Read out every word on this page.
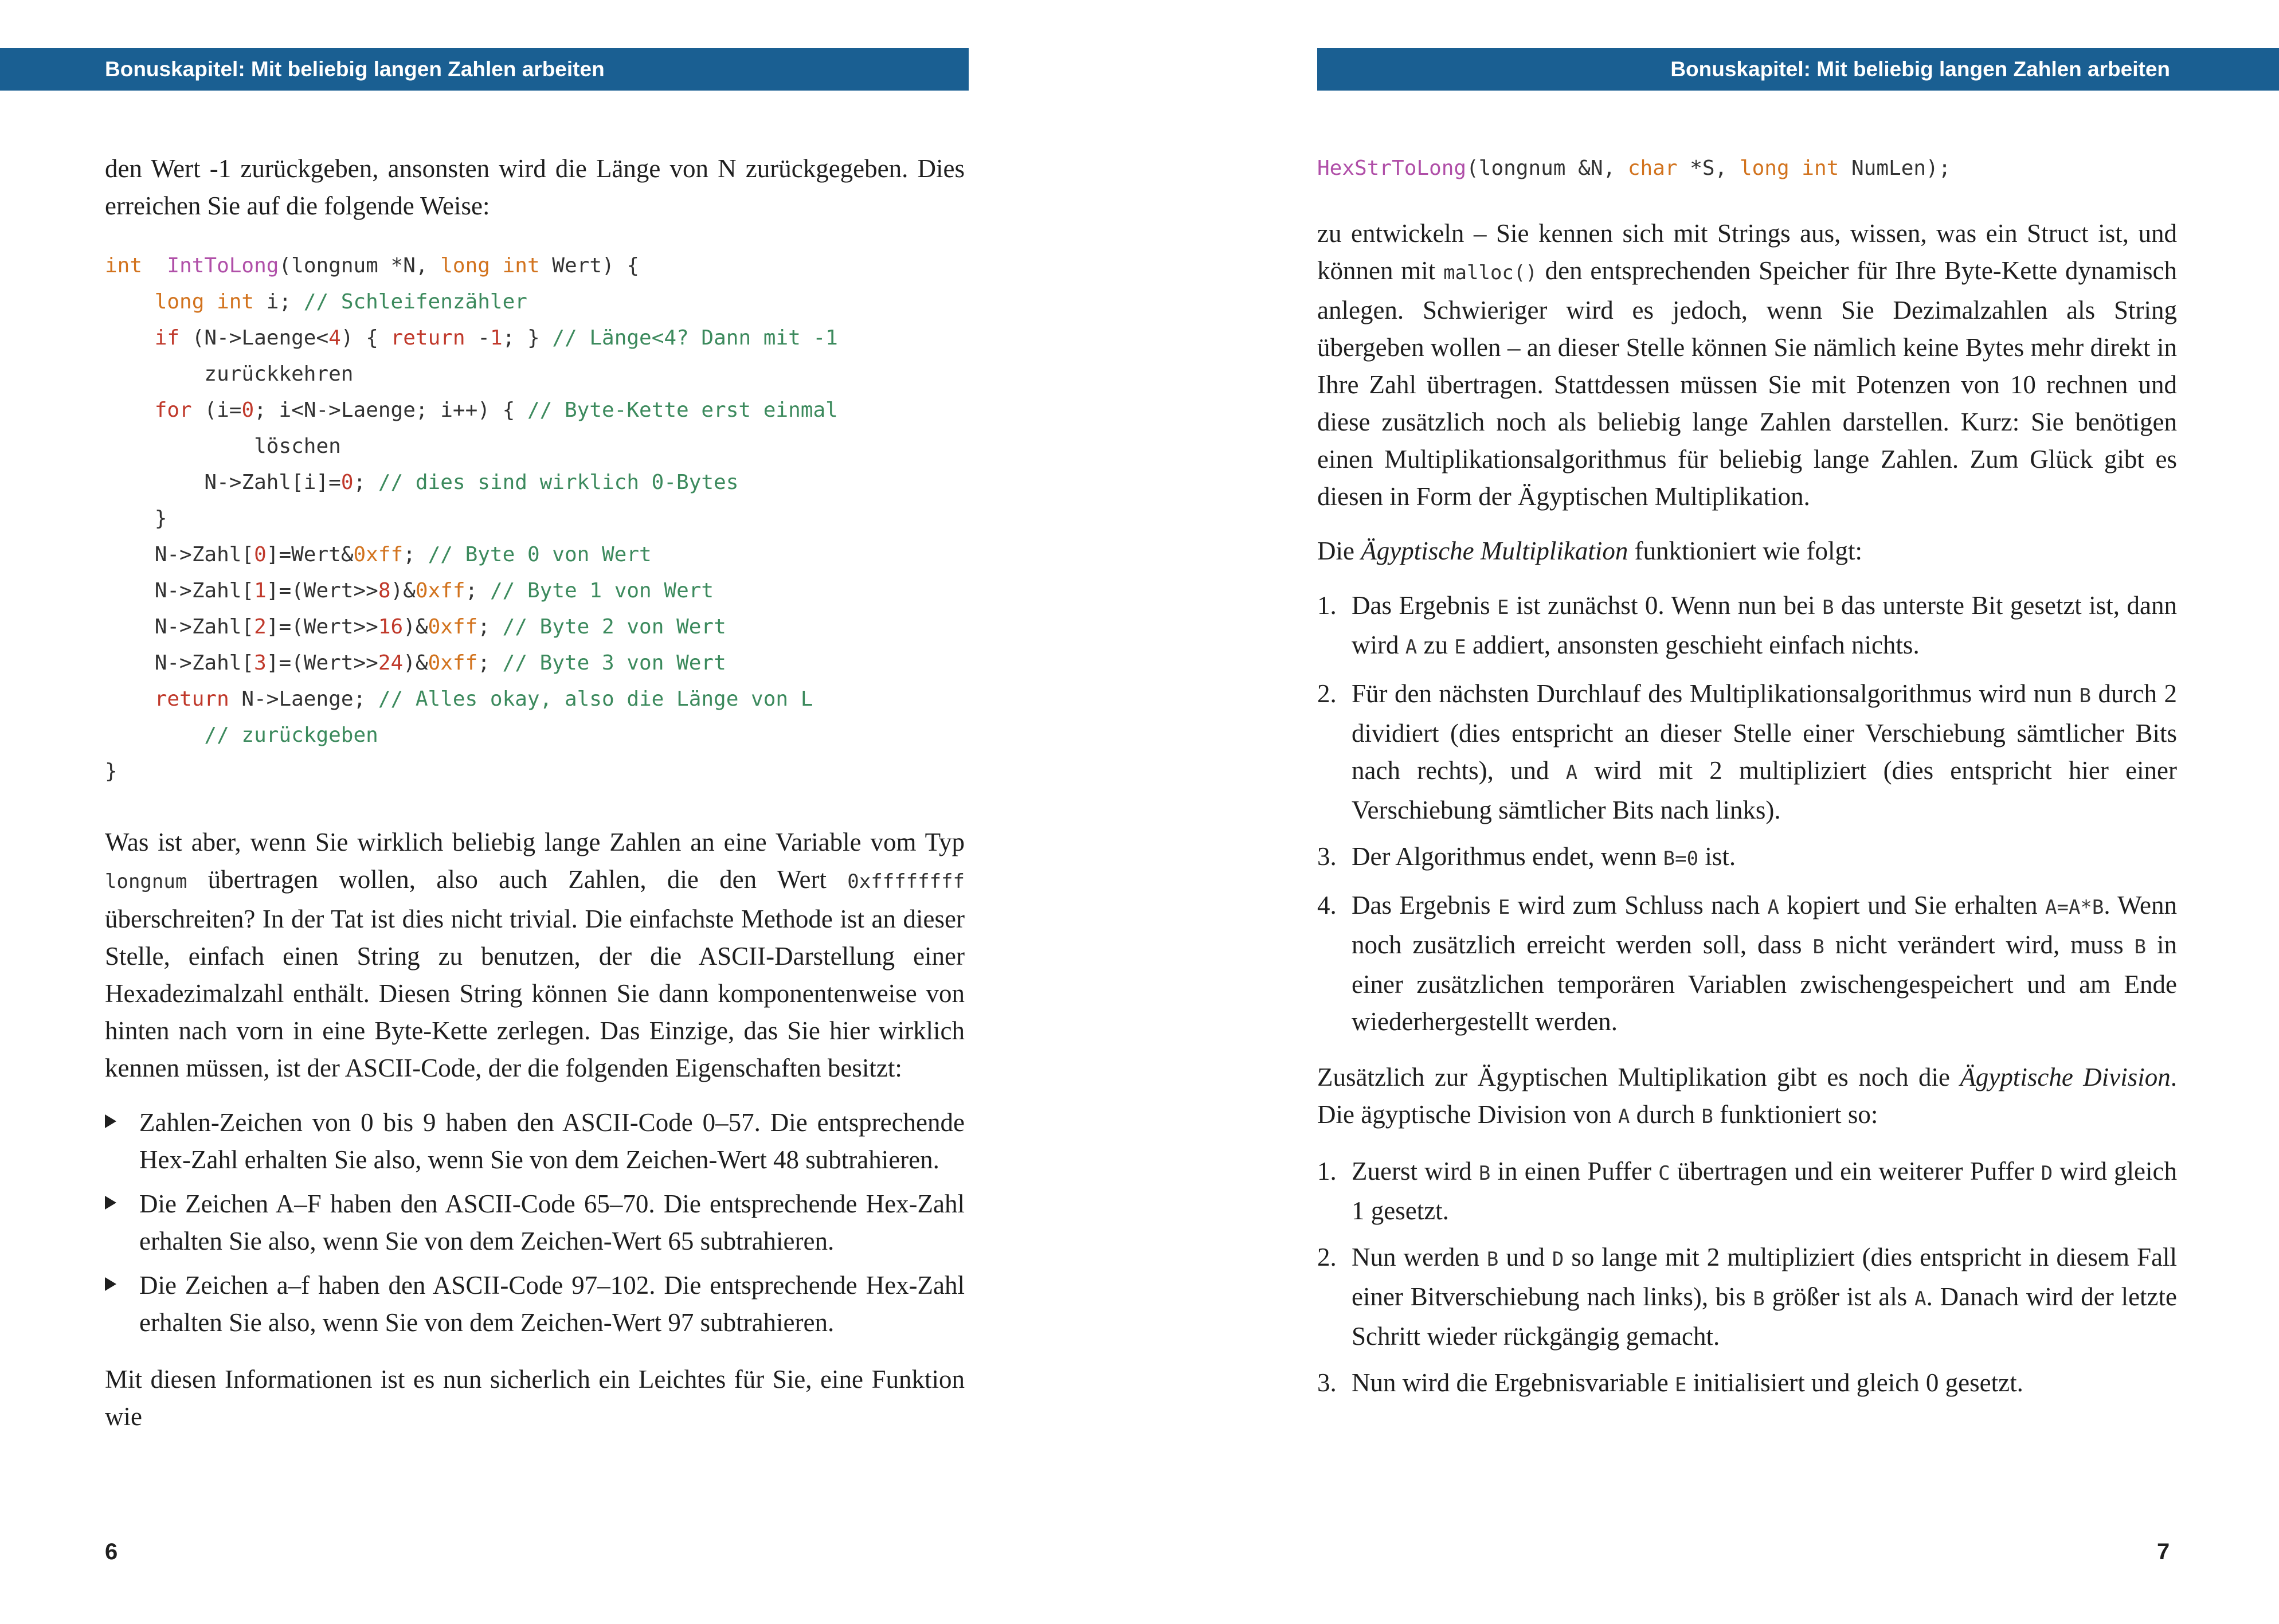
Bonuskapitel: Mit beliebig langen Zahlen arbeiten

den Wert -1 zurückgeben, ansonsten wird die Länge von N zurückgegeben. Dies erreichen Sie auf die folgende Weise:

int IntToLong(longnum *N, long int Wert) {
long int i; // Schleifenzähler
if (N->Laenge<4) { return -1; } // Länge<4? Dann mit -1
zurückkehren
for (i=0; i<N->Laenge; i++) { // Byte-Kette erst einmal
löschen
N->Zahl[i]=0; // dies sind wirklich 0-Bytes
}
N->Zahl[0]=Wert&0xff; // Byte 0 von Wert
N->Zahl[1]=(Wert>>8)&0xff; // Byte 1 von Wert
N->Zahl[2]=(Wert>>16)&0xff; // Byte 2 von Wert
N->Zahl[3]=(Wert>>24)&0xff; // Byte 3 von Wert
return N->Laenge; // Alles okay, also die Länge von L
// zurückgeben
}

Was ist aber, wenn Sie wirklich beliebig lange Zahlen an eine Variable vom Typ longnum übertragen wollen, also auch Zahlen, die den Wert 0xffffffff überschreiten? In der Tat ist dies nicht trivial. Die einfachste Methode ist an dieser Stelle, einfach einen String zu benutzen, der die ASCII-Darstellung einer Hexadezimalzahl enthält. Diesen String können Sie dann komponentenweise von hinten nach vorn in eine Byte-Kette zerlegen. Das Einzige, das Sie hier wirklich kennen müssen, ist der ASCII-Code, der die folgenden Eigenschaften besitzt:

Zahlen-Zeichen von 0 bis 9 haben den ASCII-Code 0–57. Die entsprechende Hex-Zahl erhalten Sie also, wenn Sie von dem Zeichen-Wert 48 subtrahieren.
Die Zeichen A–F haben den ASCII-Code 65–70. Die entsprechende Hex-Zahl erhalten Sie also, wenn Sie von dem Zeichen-Wert 65 subtrahieren.
Die Zeichen a–f haben den ASCII-Code 97–102. Die entsprechende Hex-Zahl erhalten Sie also, wenn Sie von dem Zeichen-Wert 97 subtrahieren.

Mit diesen Informationen ist es nun sicherlich ein Leichtes für Sie, eine Funktion wie

6
Bonuskapitel: Mit beliebig langen Zahlen arbeiten
HexStrToLong(longnum &N, char *S, long int NumLen);

zu entwickeln – Sie kennen sich mit Strings aus, wissen, was ein Struct ist, und können mit malloc() den entsprechenden Speicher für Ihre Byte-Kette dynamisch anlegen. Schwieriger wird es jedoch, wenn Sie Dezimalzahlen als String übergeben wollen – an dieser Stelle können Sie nämlich keine Bytes mehr direkt in Ihre Zahl übertragen. Stattdessen müssen Sie mit Potenzen von 10 rechnen und diese zusätzlich noch als beliebig lange Zahlen darstellen. Kurz: Sie benötigen einen Multiplikationsalgorithmus für beliebig lange Zahlen. Zum Glück gibt es diesen in Form der Ägyptischen Multiplikation.

Die Ägyptische Multiplikation funktioniert wie folgt:

1. Das Ergebnis E ist zunächst 0. Wenn nun bei B das unterste Bit gesetzt ist, dann wird A zu E addiert, ansonsten geschieht einfach nichts.
2. Für den nächsten Durchlauf des Multiplikationsalgorithmus wird nun B durch 2 dividiert (dies entspricht an dieser Stelle einer Verschiebung sämtlicher Bits nach rechts), und A wird mit 2 multipliziert (dies entspricht hier einer Verschiebung sämtlicher Bits nach links).
3. Der Algorithmus endet, wenn B=0 ist.
4. Das Ergebnis E wird zum Schluss nach A kopiert und Sie erhalten A=A*B. Wenn noch zusätzlich erreicht werden soll, dass B nicht verändert wird, muss B in einer zusätzlichen temporären Variablen zwischengespeichert und am Ende wiederhergestellt werden.

Zusätzlich zur Ägyptischen Multiplikation gibt es noch die Ägyptische Division. Die ägyptische Division von A durch B funktioniert so:

1. Zuerst wird B in einen Puffer C übertragen und ein weiterer Puffer D wird gleich 1 gesetzt.
2. Nun werden B und D so lange mit 2 multipliziert (dies entspricht in diesem Fall einer Bitverschiebung nach links), bis B größer ist als A. Danach wird der letzte Schritt wieder rückgängig gemacht.
3. Nun wird die Ergebnisvariable E initialisiert und gleich 0 gesetzt.
7
